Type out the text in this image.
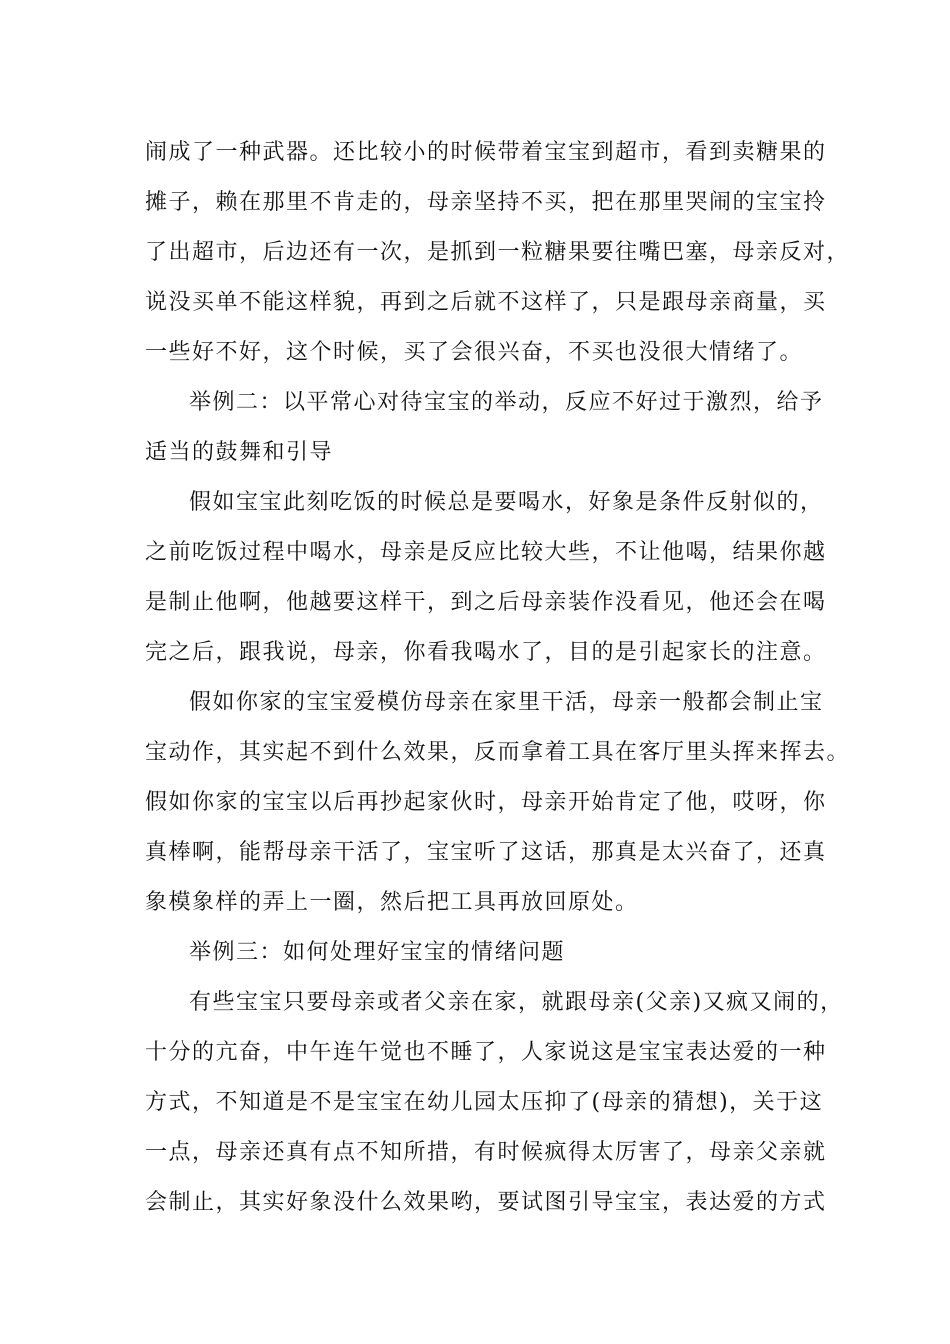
闹成了一种武器。还比较小的时候带着宝宝到超市，看到卖糖果的
摊子，赖在那里不肯走的，母亲坚持不买，把在那里哭闹的宝宝拎
了出超市，后边还有一次，是抓到一粒糖果要往嘴巴塞，母亲反对，
说没买单不能这样貌，再到之后就不这样了，只是跟母亲商量，买
一些好不好，这个时候，买了会很兴奋，不买也没很大情绪了。
举例二：以平常心对待宝宝的举动，反应不好过于激烈，给予
适当的鼓舞和引导
假如宝宝此刻吃饭的时候总是要喝水，好象是条件反射似的，
之前吃饭过程中喝水，母亲是反应比较大些，不让他喝，结果你越
是制止他啊，他越要这样干，到之后母亲装作没看见，他还会在喝
完之后，跟我说，母亲，你看我喝水了，目的是引起家长的注意。
假如你家的宝宝爱模仿母亲在家里干活，母亲一般都会制止宝
宝动作，其实起不到什么效果，反而拿着工具在客厅里头挥来挥去。
假如你家的宝宝以后再抄起家伙时，母亲开始肯定了他，哎呀，你
真棒啊，能帮母亲干活了，宝宝听了这话，那真是太兴奋了，还真
象模象样的弄上一圈，然后把工具再放回原处。
举例三：如何处理好宝宝的情绪问题
有些宝宝只要母亲或者父亲在家，就跟母亲(父亲)又疯又闹的，
十分的亢奋，中午连午觉也不睡了，人家说这是宝宝表达爱的一种
方式，不知道是不是宝宝在幼儿园太压抑了(母亲的猜想)，关于这
一点，母亲还真有点不知所措，有时候疯得太厉害了，母亲父亲就
会制止，其实好象没什么效果哟，要试图引导宝宝，表达爱的方式
